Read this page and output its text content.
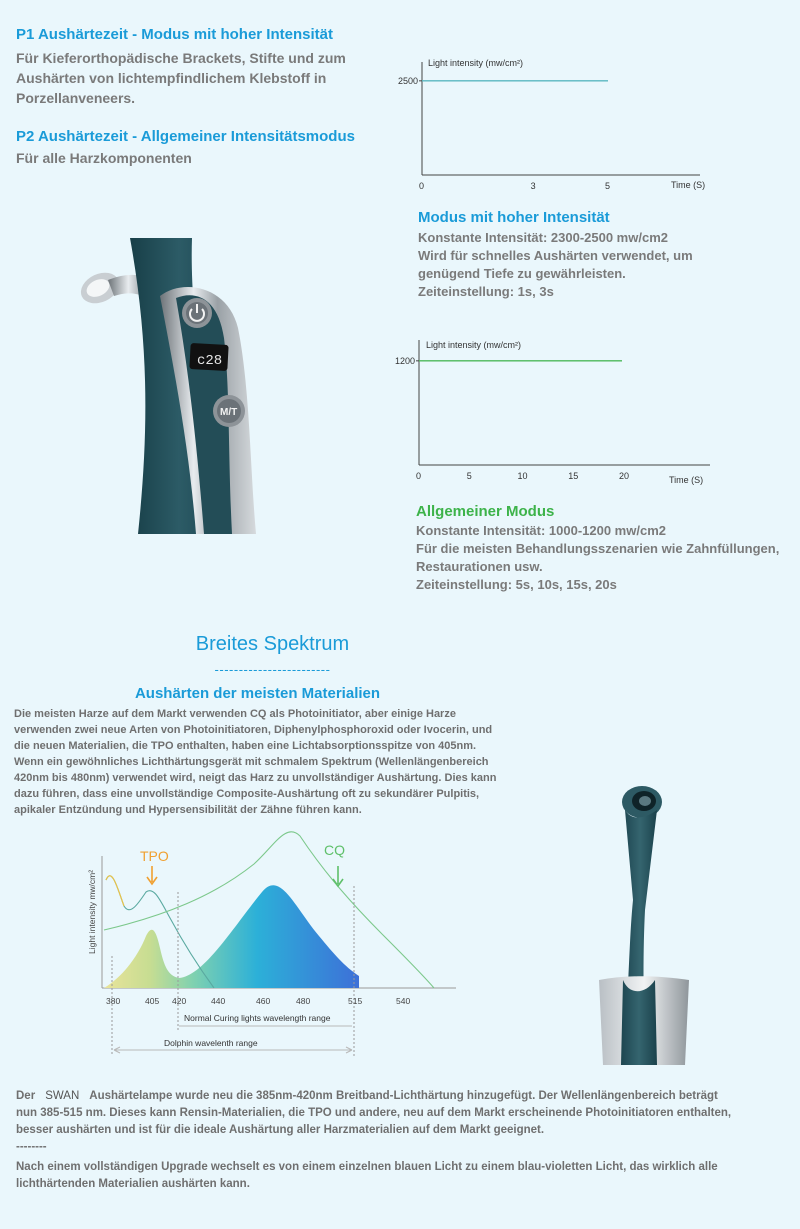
P1 Aushärtezeit - Modus mit hoher Intensität
Für Kieferorthopädische Brackets, Stifte und zum
Aushärten von lichtempfindlichem Klebstoff in
Porzellanveneers.
P2 Aushärtezeit - Allgemeiner Intensitätsmodus
Für alle Harzkomponenten
c28
M/T
Light intensity (mw/cm²)
0	3	5
2500
Time (S)
Modus mit hoher Intensität
Konstante Intensität: 2300-2500 mw/cm2
Wird für schnelles Aushärten verwendet, um
genügend Tiefe zu gewährleisten.
Zeiteinstellung: 1s, 3s
Light intensity (mw/cm²)
0	5	10	15	20
1200
Time (S)
Allgemeiner Modus
Konstante Intensität: 1000-1200 mw/cm2
Für die meisten Behandlungsszenarien wie Zahnfüllungen,
Restaurationen usw.
Zeiteinstellung: 5s, 10s, 15s, 20s
Breites Spektrum
------------------------
Aushärten der meisten Materialien
Die meisten Harze auf dem Markt verwenden CQ als Photoinitiator, aber einige Harze
verwenden zwei neue Arten von Photoinitiatoren, Diphenylphosphoroxid oder Ivocerin, und
die neuen Materialien, die TPO enthalten, haben eine Lichtabsorptionsspitze von 405nm.
Wenn ein gewöhnliches Lichthärtungsgerät mit schmalem Spektrum (Wellenlängenbereich
420nm bis 480nm) verwendet wird, neigt das Harz zu unvollständiger Aushärtung. Dies kann
dazu führen, dass eine unvollständige Composite-Aushärtung oft zu sekundärer Pulpitis,
apikaler Entzündung und Hypersensibilität der Zähne führen kann.
Light intensity mw/cm²
TPO	CQ
380	405 420	440	460	480	515	540
Normal Curing lights wavelength range
Dolphin wavelenth range
Der SWAN Aushärtelampe wurde neu die 385nm-420nm Breitband-Lichthärtung hinzugefügt. Der Wellenlängenbereich beträgt
nun 385-515 nm. Dieses kann Rensin-Materialien, die TPO und andere, neu auf dem Markt erscheinende Photoinitiatoren enthalten,
besser aushärten und ist für die ideale Aushärtung aller Harzmaterialien auf dem Markt geeignet.
--------
Nach einem vollständigen Upgrade wechselt es von einem einzelnen blauen Licht zu einem blau-violetten Licht, das wirklich alle
lichthärtenden Materialien aushärten kann.
